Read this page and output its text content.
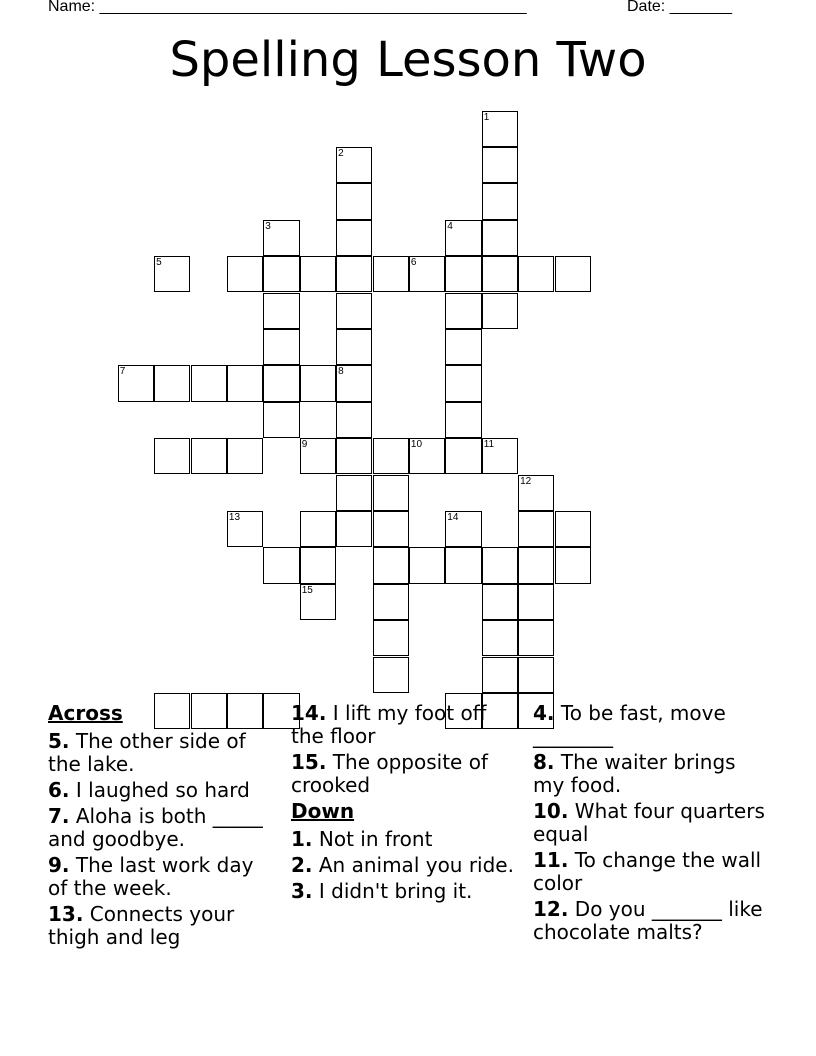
Name: ________________________________________________	Date: _______
Spelling Lesson Two
1
2
3
6
4
8
10
9
12
5
7
11
13	14
15
Across
5. The other side of the lake.
6. I laughed so hard
7. Aloha is both _____ and goodbye.
9. The last work day of the week.
13. Connects your thigh and leg
14. I lift my foot off the floor
15. The opposite of crooked
Down
1. Not in front
2. An animal you ride.
3. I didn't bring it.
4. To be fast, move ________
8. The waiter brings my food.
10. What four quarters equal
11. To change the wall color
12. Do you _______ like chocolate malts?
